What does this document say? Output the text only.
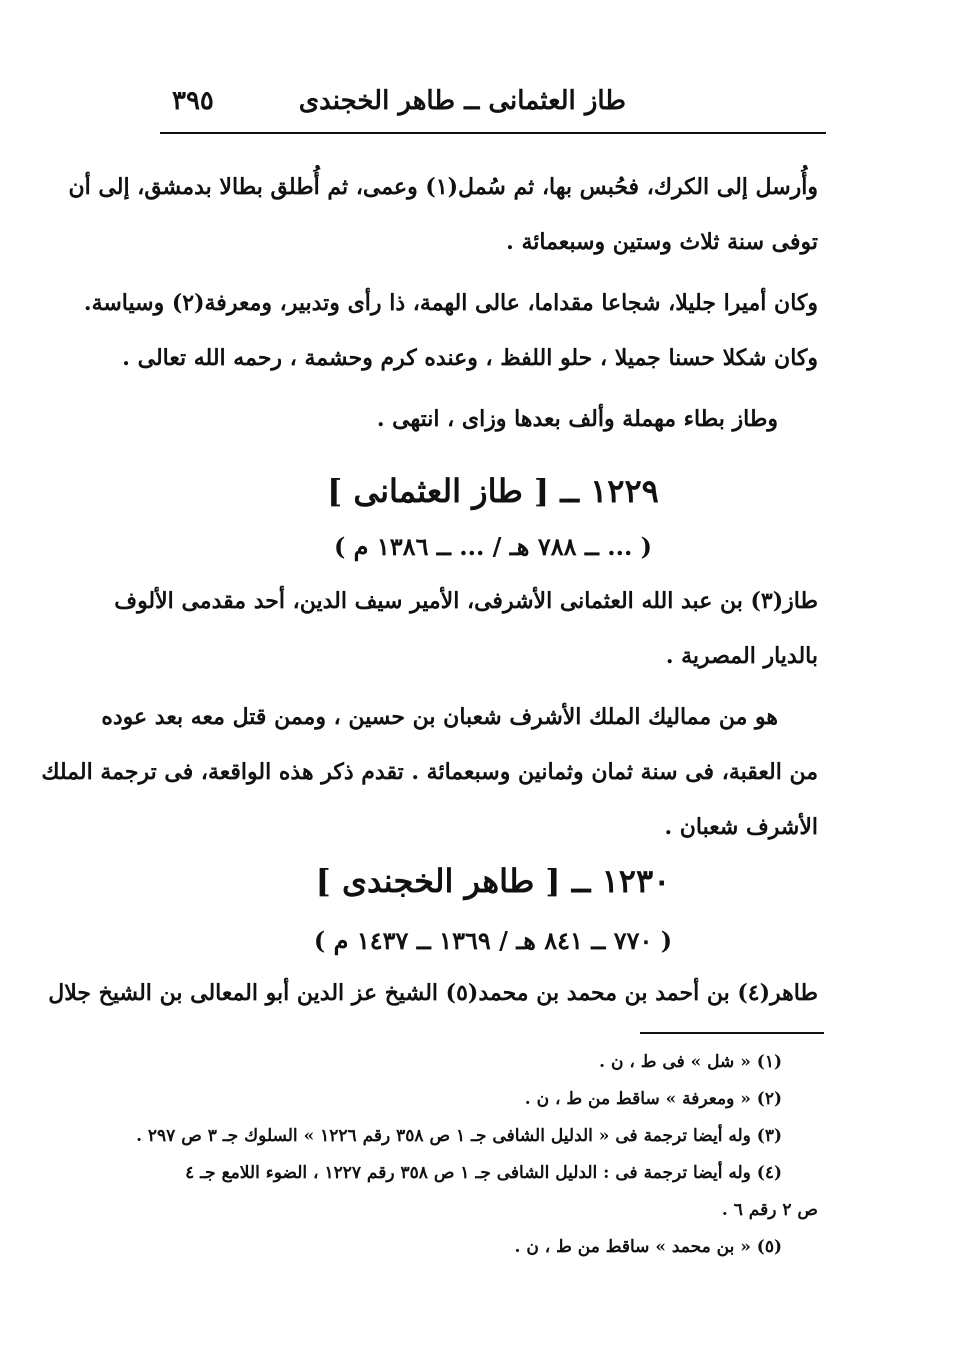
٣٩٥	طاز العثمانى ــ طاهر الخجندى
وأُرسل إلى الكرك، فحُبس بها، ثم سُمل(١) وعمى، ثم أُطلق بطالا بدمشق، إلى أن
توفى سنة ثلاث وستين وسبعمائة .
وكان أميرا جليلا، شجاعا مقداما، عالى الهمة، ذا رأى وتدبير، ومعرفة(٢) وسياسة.
وكان شكلا حسنا جميلا ، حلو اللفظ ، وعنده كرم وحشمة ، رحمه الله تعالى .
وطاز بطاء مهملة وألف بعدها وزاى ، انتهى .
١٢٢٩ ــ [ طاز العثمانى ]
( ... ــ ٧٨٨ هـ / ... ــ ١٣٨٦ م )
طاز(٣) بن عبد الله العثمانى الأشرفى، الأمير سيف الدين، أحد مقدمى الألوف
بالديار المصرية .
هو من مماليك الملك الأشرف شعبان بن حسين ، وممن قتل معه بعد عوده
من العقبة، فى سنة ثمان وثمانين وسبعمائة . تقدم ذكر هذه الواقعة، فى ترجمة الملك
الأشرف شعبان .
١٢٣٠ ــ [ طاهر الخجندى ]
( ٧٧٠ ــ ٨٤١ هـ / ١٣٦٩ ــ ١٤٣٧ م )
طاهر(٤) بن أحمد بن محمد بن محمد(٥) الشيخ عز الدين أبو المعالى بن الشيخ جلال
(١) « شل » فى ط ، ن .
(٢) « ومعرفة » ساقط من ط ، ن .
(٣) وله أيضا ترجمة فى « الدليل الشافى جـ ١ ص ٣٥٨ رقم ١٢٢٦ » السلوك جـ ٣ ص ٢٩٧ .
(٤) وله أيضا ترجمة فى : الدليل الشافى جـ ١ ص ٣٥٨ رقم ١٢٢٧ ، الضوء اللامع جـ ٤
ص ٢ رقم ٦ .
(٥) « بن محمد » ساقط من ط ، ن .
